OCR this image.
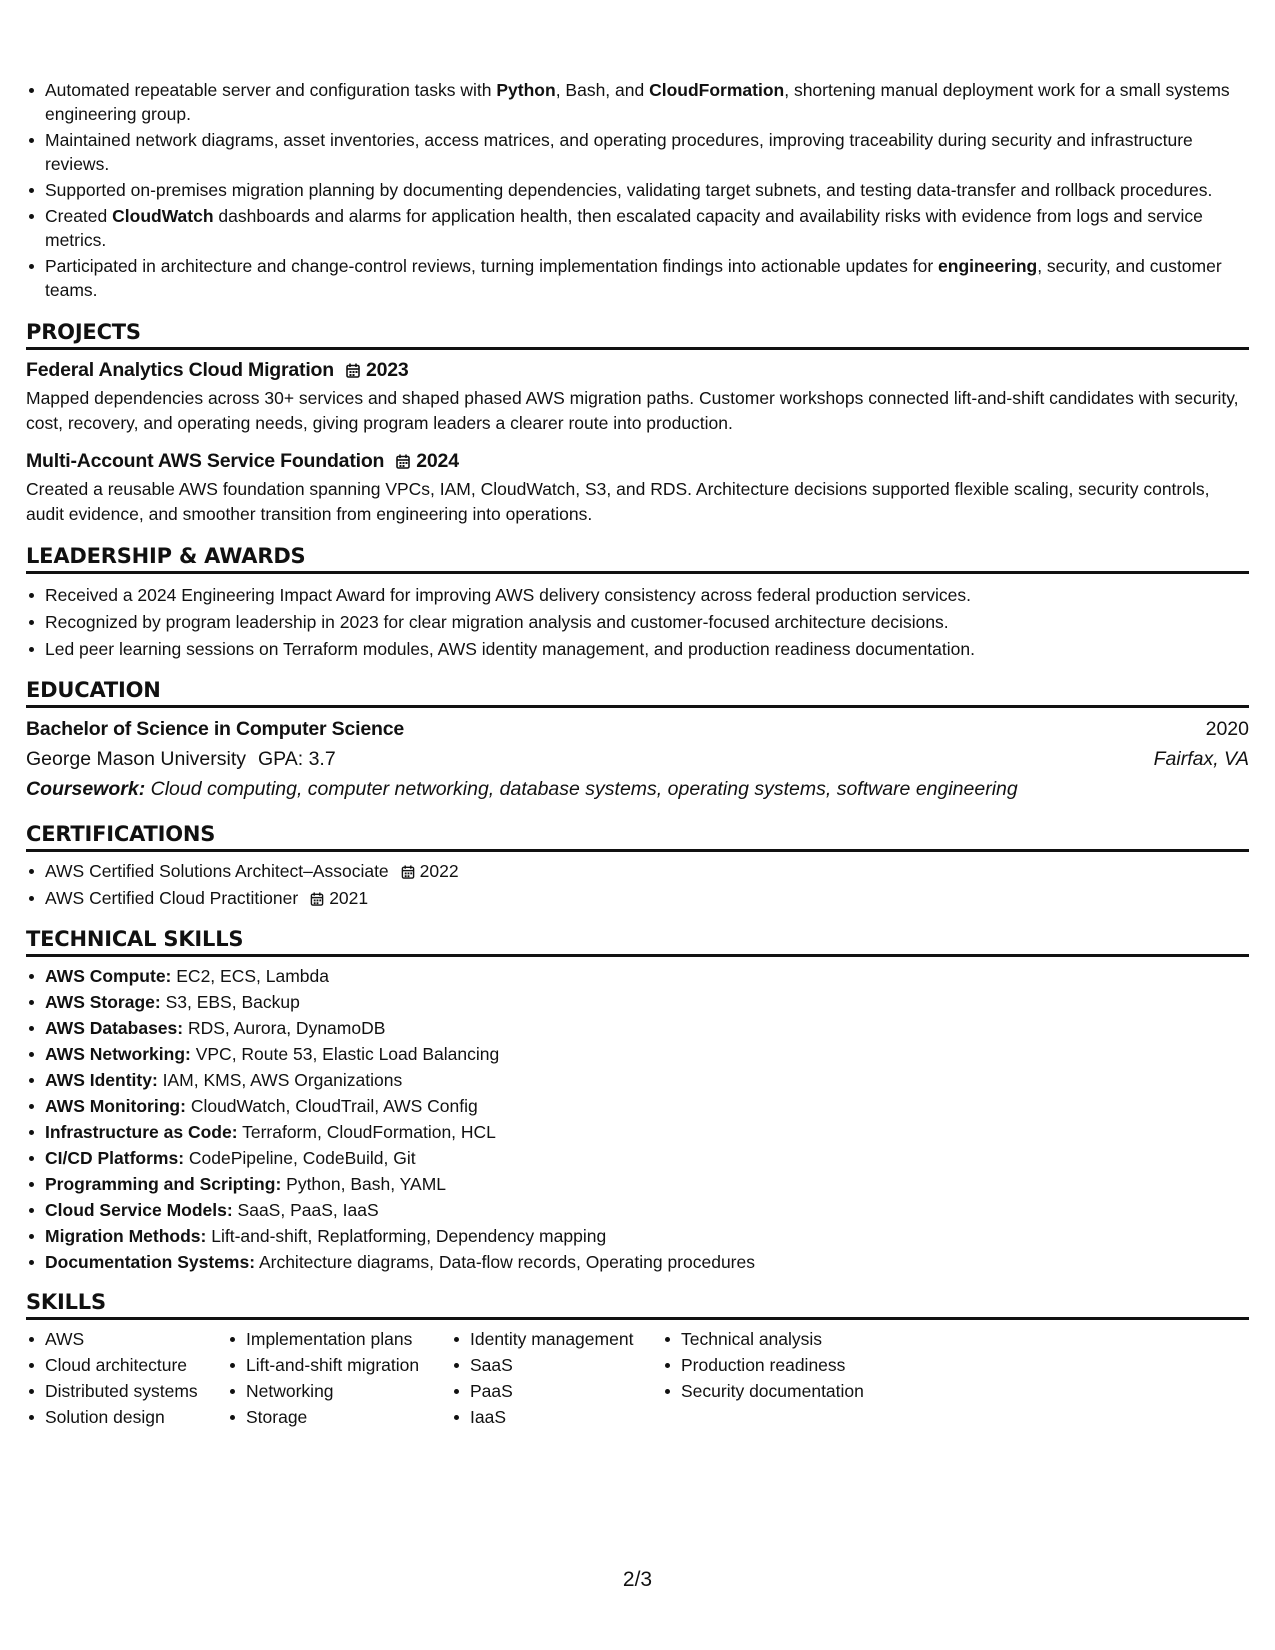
Automated repeatable server and configuration tasks with Python, Bash, and CloudFormation, shortening manual deployment work for a small systems engineering group.
Maintained network diagrams, asset inventories, access matrices, and operating procedures, improving traceability during security and infrastructure reviews.
Supported on-premises migration planning by documenting dependencies, validating target subnets, and testing data-transfer and rollback procedures.
Created CloudWatch dashboards and alarms for application health, then escalated capacity and availability risks with evidence from logs and service metrics.
Participated in architecture and change-control reviews, turning implementation findings into actionable updates for engineering, security, and customer teams.
PROJECTS
Federal Analytics Cloud Migration 2023
Mapped dependencies across 30+ services and shaped phased AWS migration paths. Customer workshops connected lift-and-shift candidates with security, cost, recovery, and operating needs, giving program leaders a clearer route into production.
Multi-Account AWS Service Foundation 2024
Created a reusable AWS foundation spanning VPCs, IAM, CloudWatch, S3, and RDS. Architecture decisions supported flexible scaling, security controls, audit evidence, and smoother transition from engineering into operations.
LEADERSHIP & AWARDS
Received a 2024 Engineering Impact Award for improving AWS delivery consistency across federal production services.
Recognized by program leadership in 2023 for clear migration analysis and customer-focused architecture decisions.
Led peer learning sessions on Terraform modules, AWS identity management, and production readiness documentation.
EDUCATION
Bachelor of Science in Computer Science	2020
George Mason University GPA: 3.7	Fairfax, VA
Coursework: Cloud computing, computer networking, database systems, operating systems, software engineering
CERTIFICATIONS
AWS Certified Solutions Architect–Associate 2022
AWS Certified Cloud Practitioner 2021
TECHNICAL SKILLS
AWS Compute: EC2, ECS, Lambda
AWS Storage: S3, EBS, Backup
AWS Databases: RDS, Aurora, DynamoDB
AWS Networking: VPC, Route 53, Elastic Load Balancing
AWS Identity: IAM, KMS, AWS Organizations
AWS Monitoring: CloudWatch, CloudTrail, AWS Config
Infrastructure as Code: Terraform, CloudFormation, HCL
CI/CD Platforms: CodePipeline, CodeBuild, Git
Programming and Scripting: Python, Bash, YAML
Cloud Service Models: SaaS, PaaS, IaaS
Migration Methods: Lift-and-shift, Replatforming, Dependency mapping
Documentation Systems: Architecture diagrams, Data-flow records, Operating procedures
SKILLS
AWS
Cloud architecture
Distributed systems
Solution design
Implementation plans
Lift-and-shift migration
Networking
Storage
Identity management
SaaS
PaaS
IaaS
Technical analysis
Production readiness
Security documentation
2/3
